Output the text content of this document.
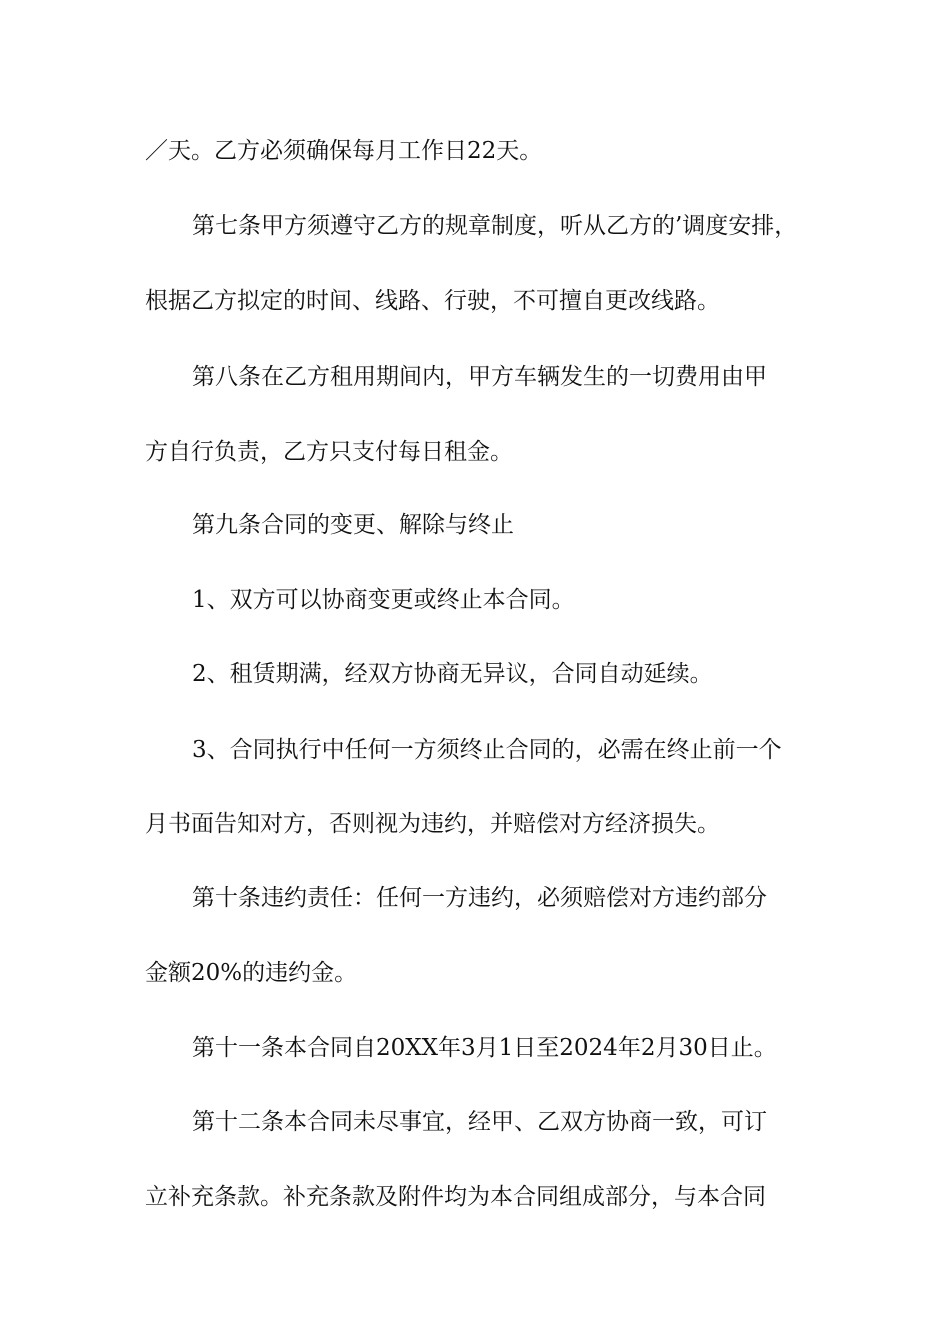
／天。乙方必须确保每月工作日22天。
第七条甲方须遵守乙方的规章制度，听从乙方的’调度安排，
根据乙方拟定的时间、线路、行驶，不可擅自更改线路。
第八条在乙方租用期间内，甲方车辆发生的一切费用由甲
方自行负责，乙方只支付每日租金。
第九条合同的变更、解除与终止
1、双方可以协商变更或终止本合同。
2、租赁期满，经双方协商无异议，合同自动延续。
3、合同执行中任何一方须终止合同的，必需在终止前一个
月书面告知对方，否则视为违约，并赔偿对方经济损失。
第十条违约责任：任何一方违约，必须赔偿对方违约部分
金额20%的违约金。
第十一条本合同自20XX年3月1日至2024年2月30日止。
第十二条本合同未尽事宜，经甲、乙双方协商一致，可订
立补充条款。补充条款及附件均为本合同组成部分，与本合同
